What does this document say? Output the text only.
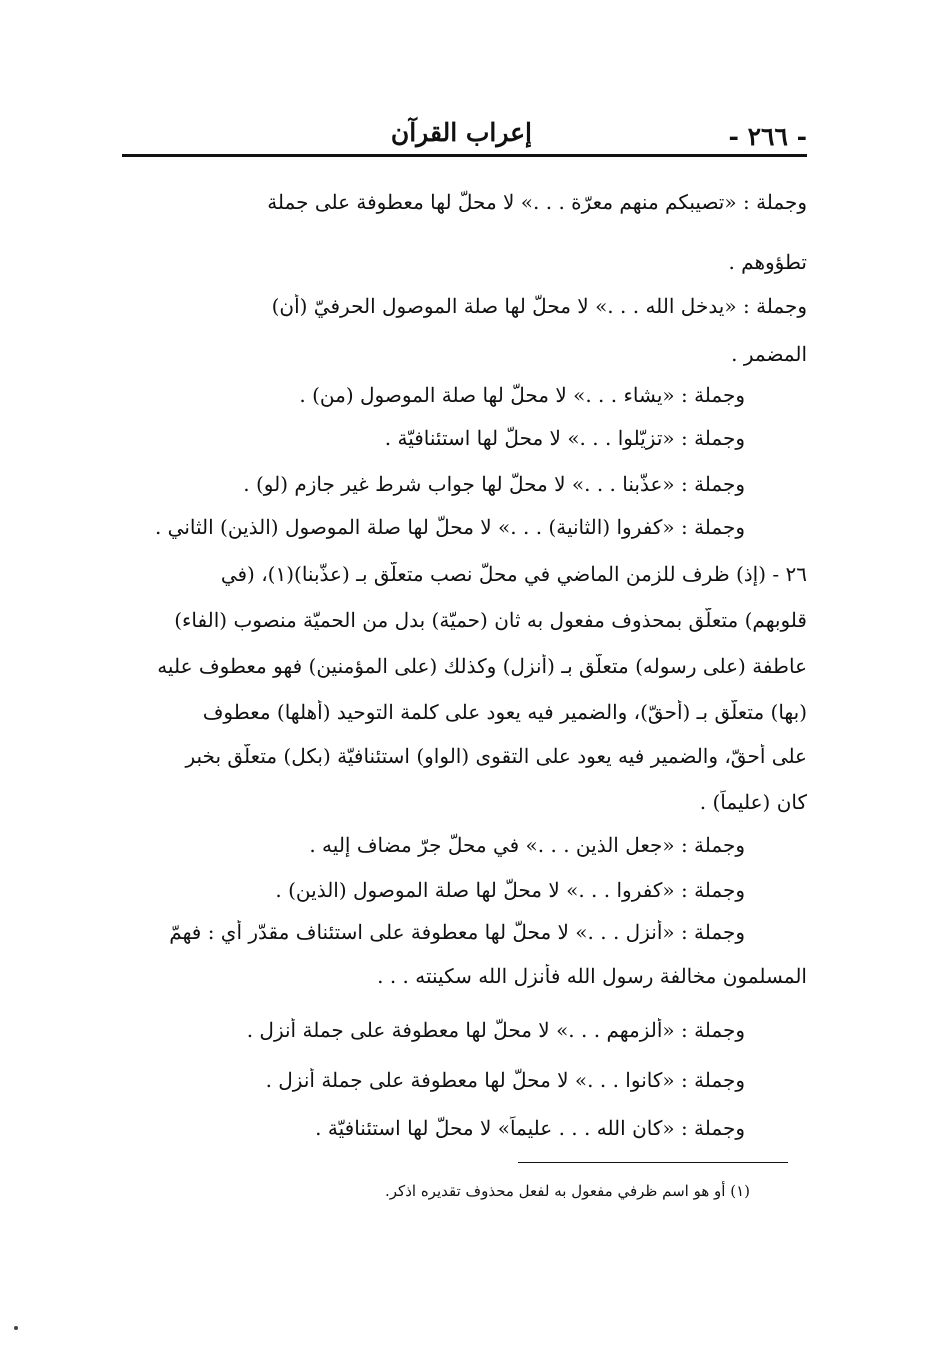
- ٢٦٦ -
إعراب القرآن
وجملة : «تصيبكم منهم معرّة . . .» لا محلّ لها معطوفة على جملة
تطؤوهم .
وجملة : «يدخل الله . . .» لا محلّ لها صلة الموصول الحرفيّ (أن)
المضمر .
وجملة : «يشاء . . .» لا محلّ لها صلة الموصول (من) .
وجملة : «تزيّلوا . . .» لا محلّ لها استئنافيّة .
وجملة : «عذّبنا . . .» لا محلّ لها جواب شرط غير جازم (لو) .
وجملة : «كفروا (الثانية) . . .» لا محلّ لها صلة الموصول (الذين) الثاني .
٢٦ - (إذ) ظرف للزمن الماضي في محلّ نصب متعلّق بـ (عذّبنا)(١)، (في
قلوبهم) متعلّق بمحذوف مفعول به ثان (حميّة) بدل من الحميّة منصوب (الفاء)
عاطفة (على رسوله) متعلّق بـ (أنزل) وكذلك (على المؤمنين) فهو معطوف عليه
(بها) متعلّق بـ (أحقّ)، والضمير فيه يعود على كلمة التوحيد (أهلها) معطوف
على أحقّ، والضمير فيه يعود على التقوى (الواو) استئنافيّة (بكل) متعلّق بخبر
كان (عليماً) .
وجملة : «جعل الذين . . .» في محلّ جرّ مضاف إليه .
وجملة : «كفروا . . .» لا محلّ لها صلة الموصول (الذين) .
وجملة : «أنزل . . .» لا محلّ لها معطوفة على استئناف مقدّر أي : فهمّ
المسلمون مخالفة رسول الله فأنزل الله سكينته . . .
وجملة : «ألزمهم . . .» لا محلّ لها معطوفة على جملة أنزل .
وجملة : «كانوا . . .» لا محلّ لها معطوفة على جملة أنزل .
وجملة : «كان الله . . . عليماً» لا محلّ لها استئنافيّة .
(١) أو هو اسم ظرفي مفعول به لفعل محذوف تقديره اذكر.
